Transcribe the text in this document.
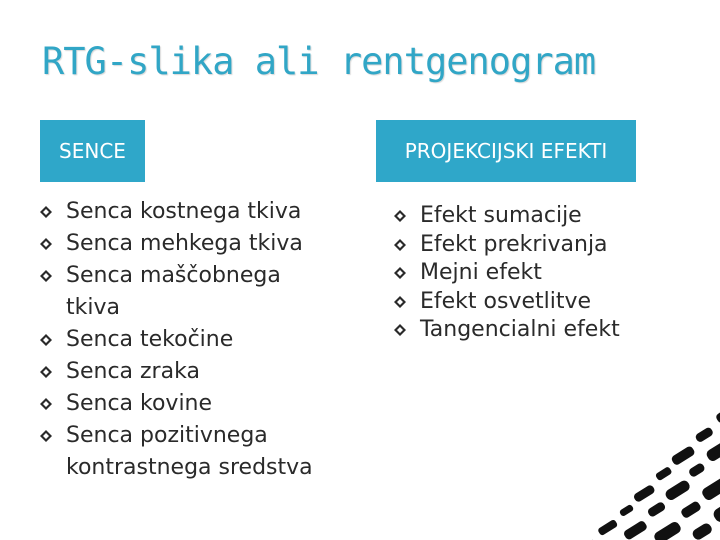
RTG-slika ali rentgenogram
SENCE	PROJEKCIJSKI EFEKTI
Senca kostnega tkiva
Senca mehkega tkiva
Senca maščobnega tkiva
Senca tekočine
Senca zraka
Senca kovine
Senca pozitivnega kontrastnega sredstva
Efekt sumacije
Efekt prekrivanja
Mejni efekt
Efekt osvetlitve
Tangencialni efekt
